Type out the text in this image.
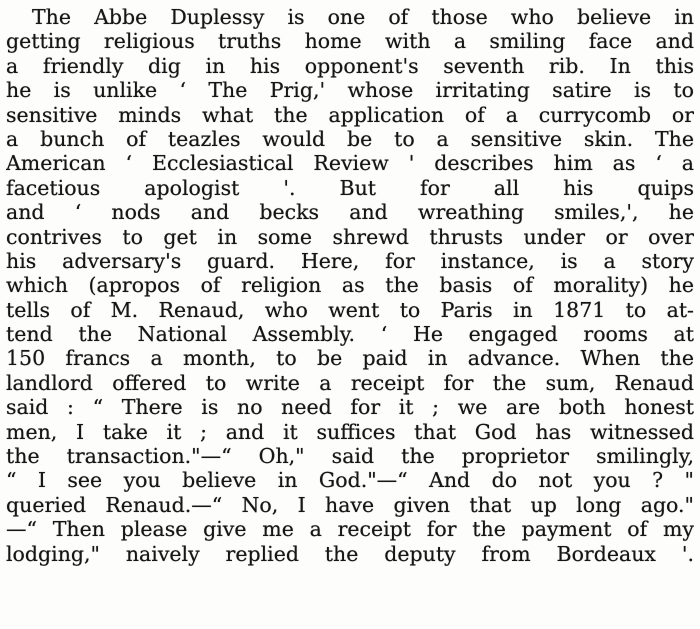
The Abbe Duplessy is one of those who believe in
getting religious truths home with a smiling face and
a friendly dig in his opponent's seventh rib. In this
he is unlike ‘ The Prig,' whose irritating satire is to
sensitive minds what the application of a currycomb or
a bunch of teazles would be to a sensitive skin. The
American ‘ Ecclesiastical Review ' describes him as ‘ a
facetious apologist '. But for all his quips
and ‘ nods and becks and wreathing smiles,', he
contrives to get in some shrewd thrusts under or over
his adversary's guard. Here, for instance, is a story
which (apropos of religion as the basis of morality) he
tells of M. Renaud, who went to Paris in 1871 to at-
tend the National Assembly. ‘ He engaged rooms at
150 francs a month, to be paid in advance. When the
landlord offered to write a receipt for the sum, Renaud
said : “ There is no need for it ; we are both honest
men, I take it ; and it suffices that God has witnessed
the transaction."—“ Oh," said the proprietor smilingly,
“ I see you believe in God."—“ And do not you ? "
queried Renaud.—“ No, I have given that up long ago."
—“ Then please give me a receipt for the payment of my
lodging," naively replied the deputy from Bordeaux '.
